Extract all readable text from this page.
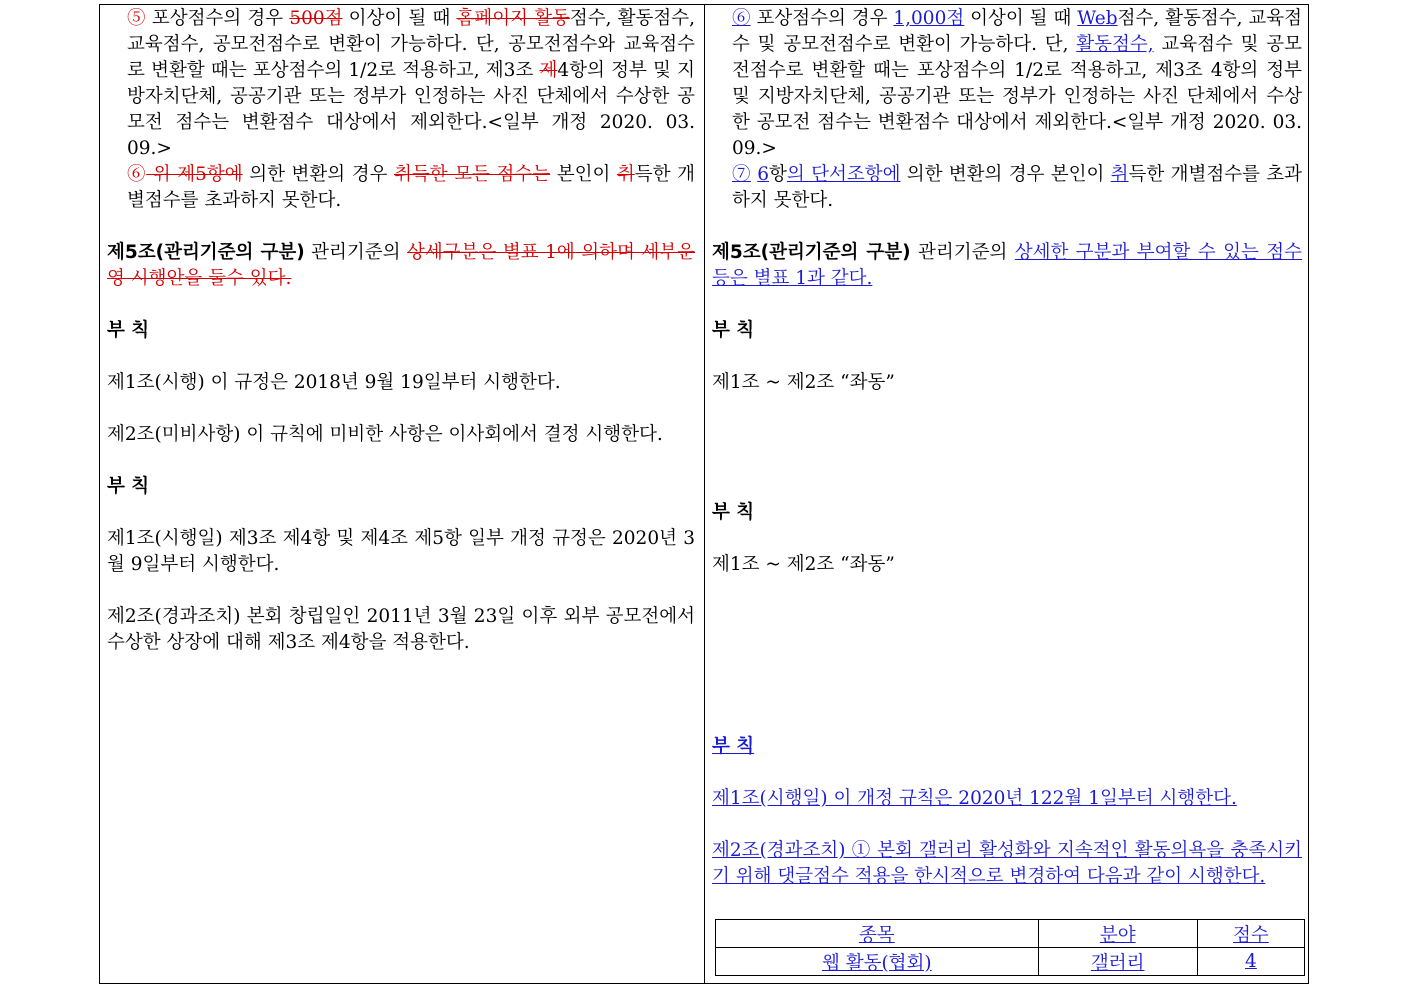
⑤ 포상점수의 경우 500점 이상이 될 때 홈페이지 활동점수, 활동점수, 교육점수, 공모전점수로 변환이 가능하다. 단, 공모전점수와 교육점수로 변환할 때는 포상점수의 1/2로 적용하고, 제3조 제4항의 정부 및 지방자치단체, 공공기관 또는 정부가 인정하는 사진 단체에서 수상한 공모전 점수는 변환점수 대상에서 제외한다.<일부 개정 2020. 03. 09.>

⑥ 위 제5항에 의한 변환의 경우 취득한 모든 점수는 본인이 취득한 개별점수를 초과하지 못한다.

제5조(관리기준의 구분) 관리기준의 상세구분은 별표 1에 의하며 세부운영 시행안을 둘수 있다.

부 칙

제1조(시행) 이 규정은 2018년 9월 19일부터 시행한다.

제2조(미비사항) 이 규칙에 미비한 사항은 이사회에서 결정 시행한다.

부 칙

제1조(시행일) 제3조 제4항 및 제4조 제5항 일부 개정 규정은 2020년 3월 9일부터 시행한다.

제2조(경과조치) 본회 창립일인 2011년 3월 23일 이후 외부 공모전에서 수상한 상장에 대해 제3조 제4항을 적용한다.

⑥ 포상점수의 경우 1,000점 이상이 될 때 Web점수, 활동점수, 교육점수 및 공모전점수로 변환이 가능하다. 단, 활동점수, 교육점수 및 공모전점수로 변환할 때는 포상점수의 1/2로 적용하고, 제3조 4항의 정부 및 지방자치단체, 공공기관 또는 정부가 인정하는 사진 단체에서 수상한 공모전 점수는 변환점수 대상에서 제외한다.<일부 개정 2020. 03. 09.>

⑦ 6항의 단서조항에 의한 변환의 경우 본인이 취득한 개별점수를 초과하지 못한다.

제5조(관리기준의 구분) 관리기준의 상세한 구분과 부여할 수 있는 점수 등은 별표 1과 같다.

부 칙

제1조 ~ 제2조 “좌동”

부 칙

제1조 ~ 제2조 “좌동”

부 칙

제1조(시행일) 이 개정 규칙은 2020년 122월 1일부터 시행한다.

제2조(경과조치) ① 본회 갤러리 활성화와 지속적인 활동의욕을 충족시키기 위해 댓글점수 적용을 한시적으로 변경하여 다음과 같이 시행한다.

종목	분야	점수
웹 활동(협회)	갤러리	4
